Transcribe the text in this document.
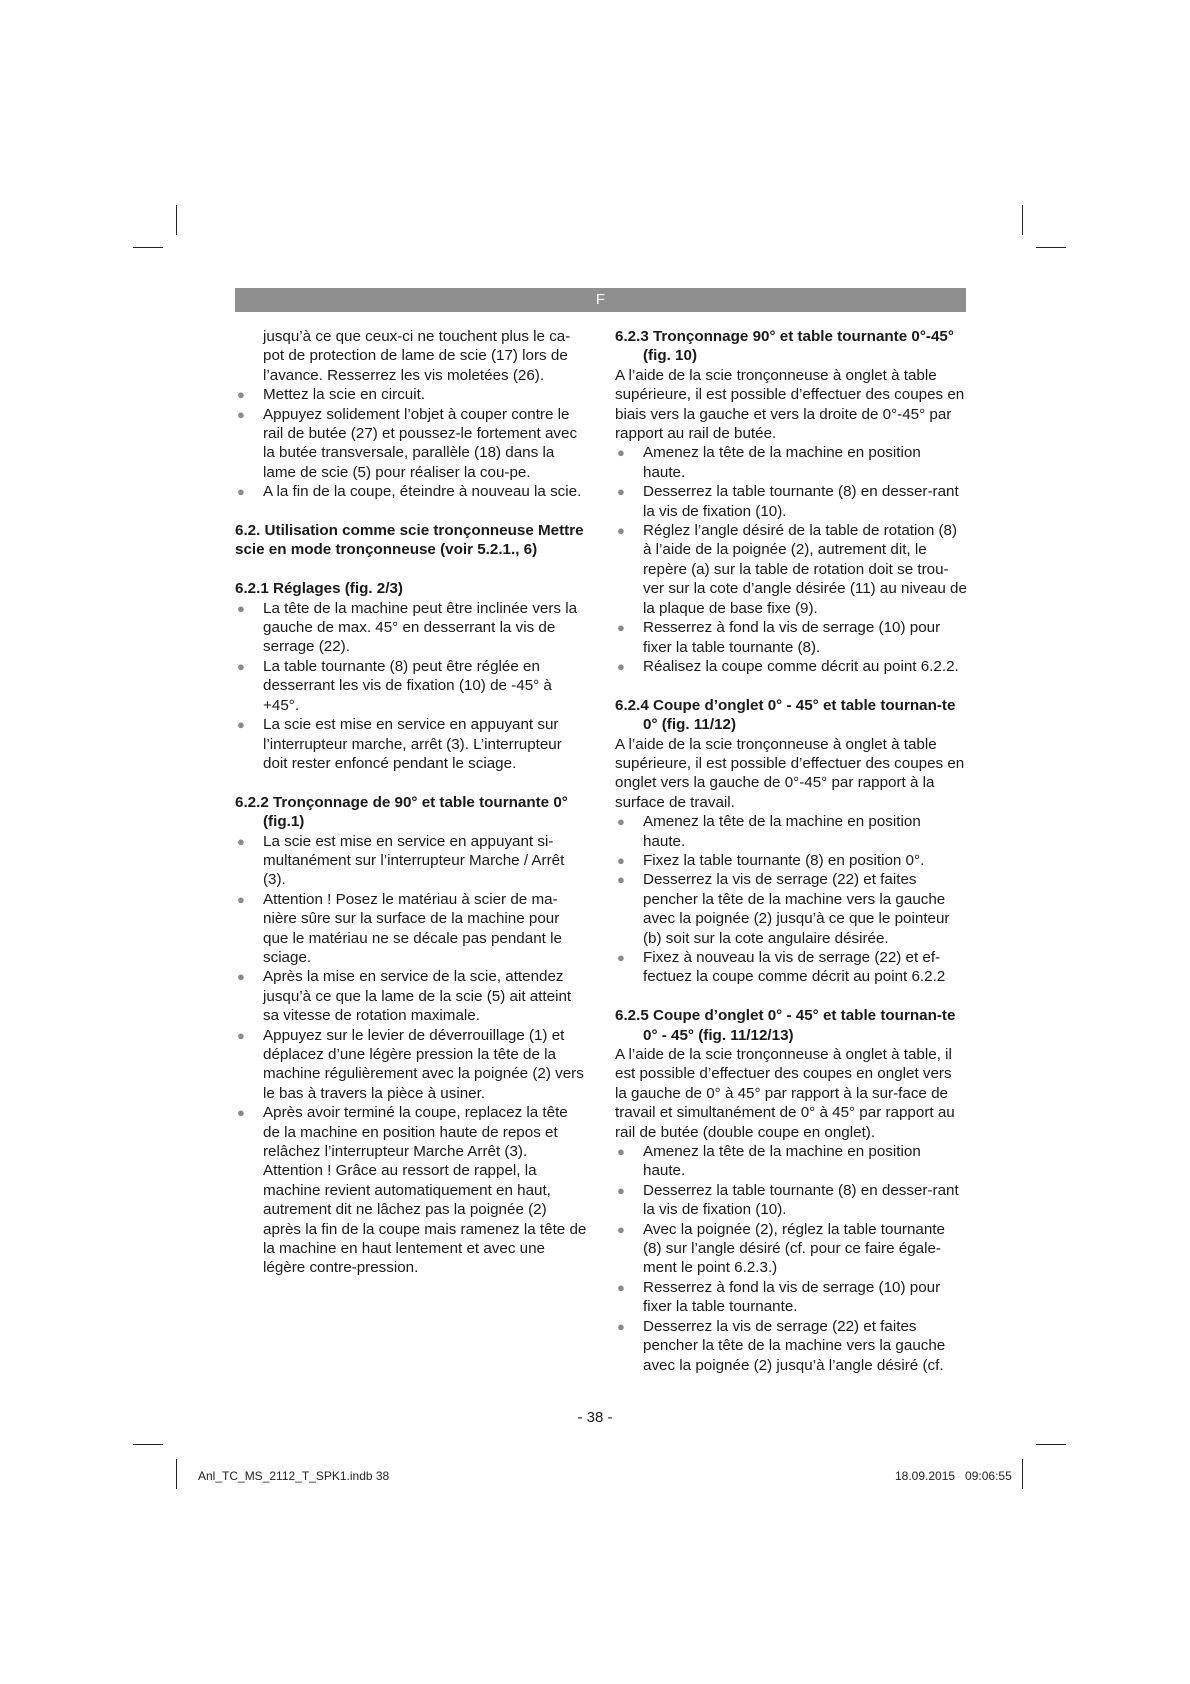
F
jusqu’à ce que ceux-ci ne touchent plus le ca-pot de protection de lame de scie (17) lors de l’avance. Resserrez les vis moletées (26).
● Mettez la scie en circuit.
● Appuyez solidement l’objet à couper contre le rail de butée (27) et poussez-le fortement avec la butée transversale, parallèle (18) dans la lame de scie (5) pour réaliser la cou-pe.
● A la fin de la coupe, éteindre à nouveau la scie.
6.2. Utilisation comme scie tronçonneuse Mettre scie en mode tronçonneuse (voir 5.2.1., 6)
6.2.1 Réglages (fig. 2/3)
● La tête de la machine peut être inclinée vers la gauche de max. 45° en desserrant la vis de serrage (22).
● La table tournante (8) peut être réglée en desserrant les vis de fixation (10) de -45° à +45°.
● La scie est mise en service en appuyant sur l’interrupteur marche, arrêt (3). L’interrupteur doit rester enfoncé pendant le sciage.
6.2.2 Tronçonnage de 90° et table tournante 0° (fig.1)
● La scie est mise en service en appuyant si-multanément sur l’interrupteur Marche / Arrêt (3).
● Attention ! Posez le matériau à scier de ma-nière sûre sur la surface de la machine pour que le matériau ne se décale pas pendant le sciage.
● Après la mise en service de la scie, attendez jusqu’à ce que la lame de la scie (5) ait atteint sa vitesse de rotation maximale.
● Appuyez sur le levier de déverrouillage (1) et déplacez d’une légère pression la tête de la machine régulièrement avec la poignée (2) vers le bas à travers la pièce à usiner.
● Après avoir terminé la coupe, replacez la tête de la machine en position haute de repos et relâchez l’interrupteur Marche Arrêt (3). Attention ! Grâce au ressort de rappel, la machine revient automatiquement en haut, autrement dit ne lâchez pas la poignée (2) après la fin de la coupe mais ramenez la tête de la machine en haut lentement et avec une légère contre-pression.
6.2.3 Tronçonnage 90° et table tournante 0°-45° (fig. 10)
A l’aide de la scie tronçonneuse à onglet à table supérieure, il est possible d’effectuer des coupes en biais vers la gauche et vers la droite de 0°-45° par rapport au rail de butée.
● Amenez la tête de la machine en position haute.
● Desserrez la table tournante (8) en desser-rant la vis de fixation (10).
● Réglez l’angle désiré de la table de rotation (8) à l’aide de la poignée (2), autrement dit, le repère (a) sur la table de rotation doit se trou-ver sur la cote d’angle désirée (11) au niveau de la plaque de base fixe (9).
● Resserrez à fond la vis de serrage (10) pour fixer la table tournante (8).
● Réalisez la coupe comme décrit au point 6.2.2.
6.2.4 Coupe d’onglet 0° - 45° et table tournan-te 0° (fig. 11/12)
A l’aide de la scie tronçonneuse à onglet à table supérieure, il est possible d’effectuer des coupes en onglet vers la gauche de 0°-45° par rapport à la surface de travail.
● Amenez la tête de la machine en position haute.
● Fixez la table tournante (8) en position 0°.
● Desserrez la vis de serrage (22) et faites pencher la tête de la machine vers la gauche avec la poignée (2) jusqu’à ce que le pointeur (b) soit sur la cote angulaire désirée.
● Fixez à nouveau la vis de serrage (22) et ef-fectuez la coupe comme décrit au point 6.2.2
6.2.5 Coupe d’onglet 0° - 45° et table tournan-te 0° - 45° (fig. 11/12/13)
A l’aide de la scie tronçonneuse à onglet à table, il est possible d’effectuer des coupes en onglet vers la gauche de 0° à 45° par rapport à la sur-face de travail et simultanément de 0° à 45° par rapport au rail de butée (double coupe en onglet).
● Amenez la tête de la machine en position haute.
● Desserrez la table tournante (8) en desser-rant la vis de fixation (10).
● Avec la poignée (2), réglez la table tournante (8) sur l’angle désiré (cf. pour ce faire égale-ment le point 6.2.3.)
● Resserrez à fond la vis de serrage (10) pour fixer la table tournante.
● Desserrez la vis de serrage (22) et faites pencher la tête de la machine vers la gauche avec la poignée (2) jusqu’à l’angle désiré (cf.
- 38 -
Anl_TC_MS_2112_T_SPK1.indb 38	18.09.2015   09:06:55
